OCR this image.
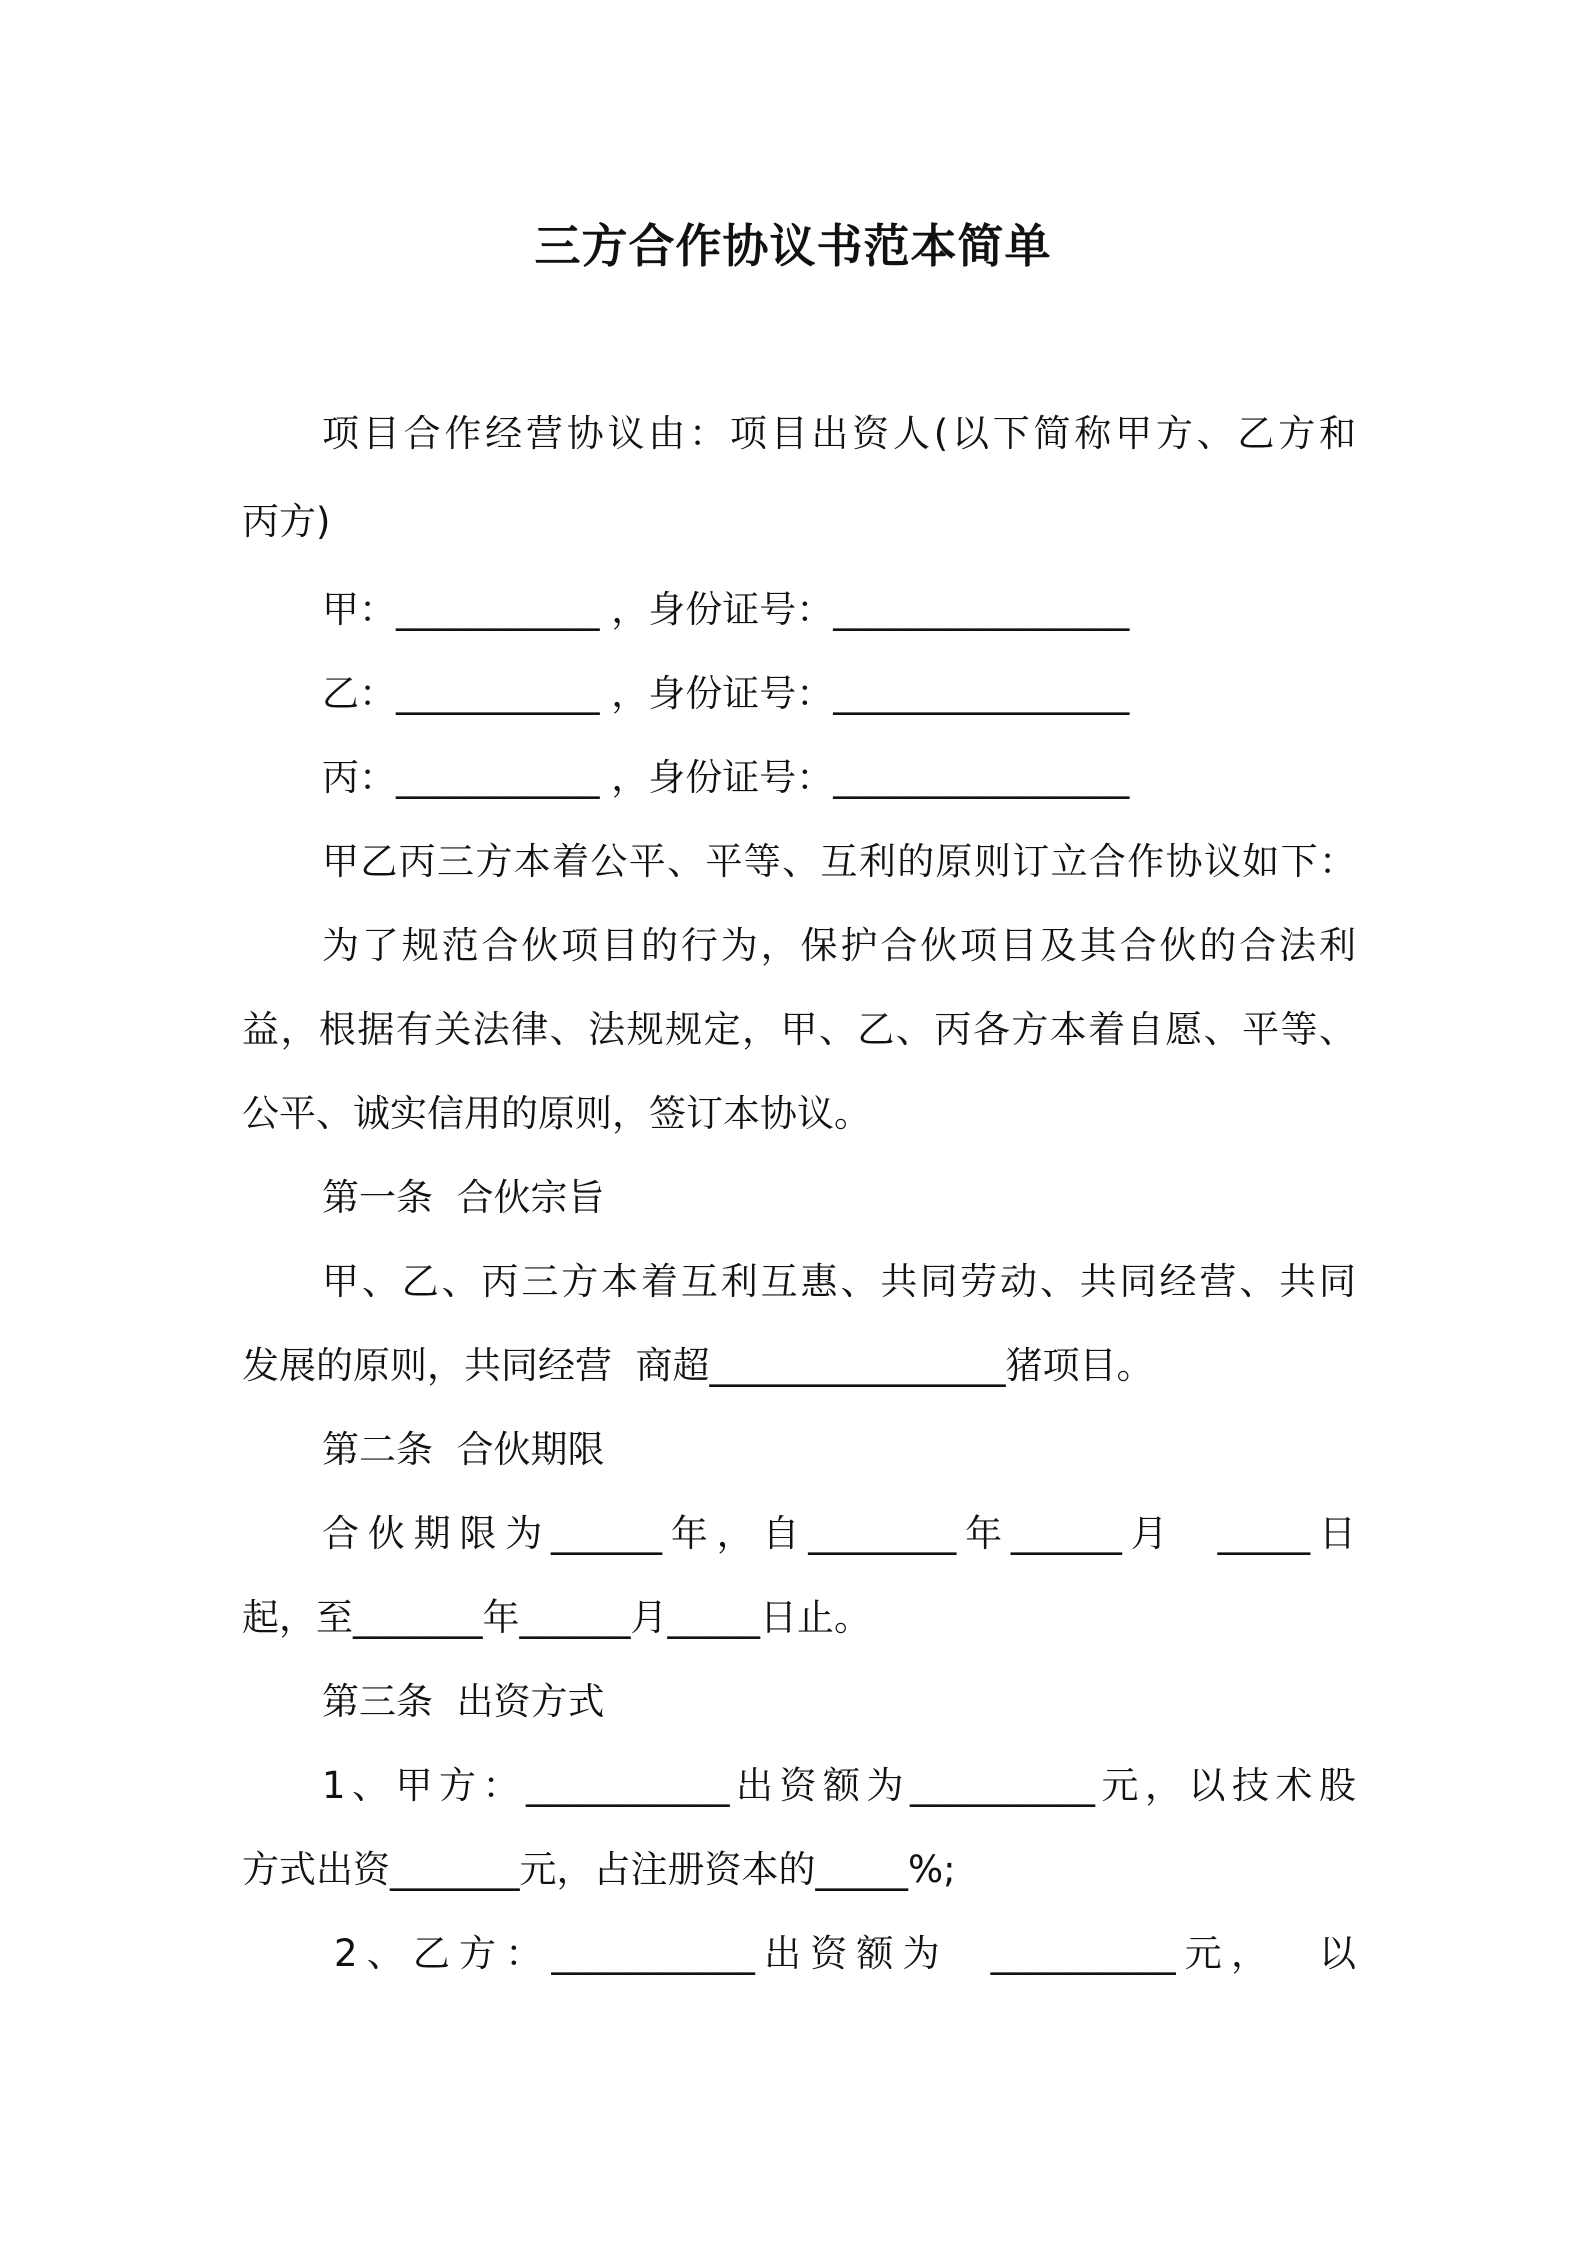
三方合作协议书范本简单
项目合作经营协议由：项目出资人(以下简称甲方、乙方和
丙方)
甲：___________ ，身份证号：________________
乙：___________ ，身份证号：________________
丙：___________ ，身份证号：________________
甲乙丙三方本着公平、平等、互利的原则订立合作协议如下：
为了规范合伙项目的行为，保护合伙项目及其合伙的合法利
益，根据有关法律、法规规定，甲、乙、丙各方本着自愿、平等、
公平、诚实信用的原则，签订本协议。
第一条  合伙宗旨
甲、乙、丙三方本着互利互惠、共同劳动、共同经营、共同
发展的原则，共同经营  商超________________猪项目。
第二条  合伙期限
合伙期限为______年，自________年______月  _____日
起，至_______年______月_____日止。
第三条  出资方式
1、甲方：___________出资额为__________元，以技术股
方式出资_______元，占注册资本的_____%;
2、乙方：___________出资额为  __________元，  以
